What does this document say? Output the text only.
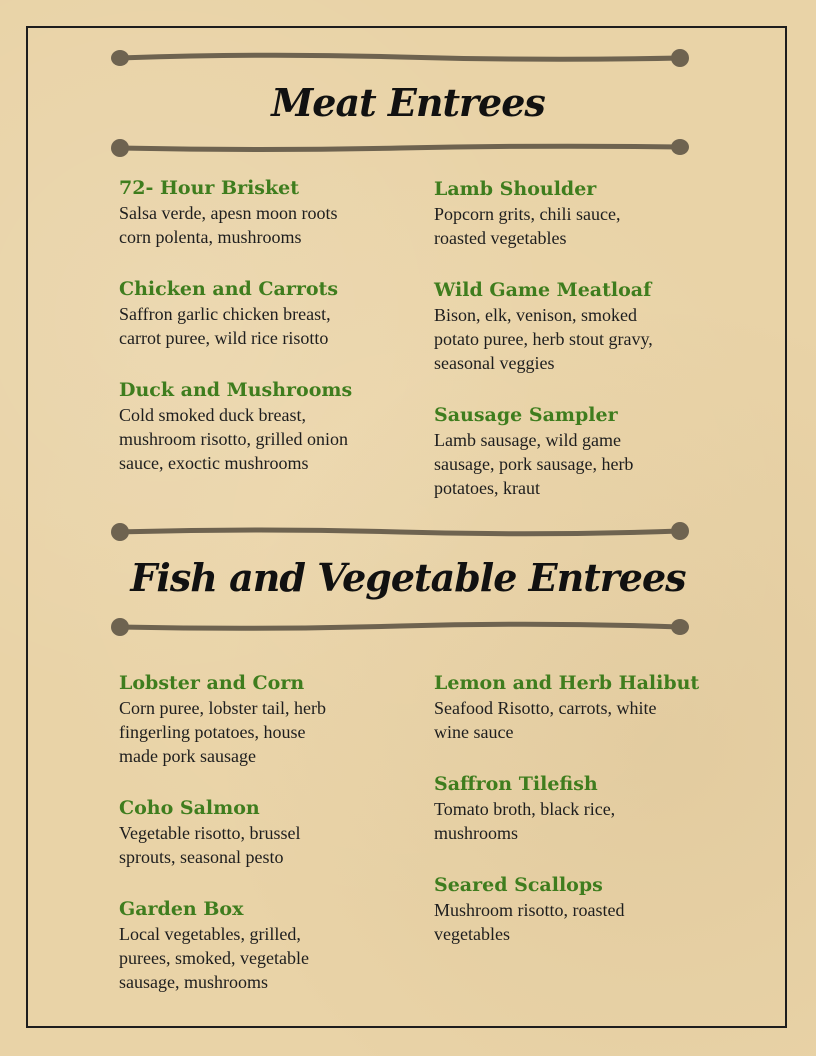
Meat Entrees
Fish and Vegetable Entrees
72- Hour Brisket
Salsa verde, apesn moon roots
corn polenta, mushrooms
Chicken and Carrots
Saffron garlic chicken breast,
carrot puree, wild rice risotto
Duck and Mushrooms
Cold smoked duck breast,
mushroom risotto, grilled onion
sauce, exoctic mushrooms
Lamb Shoulder
Popcorn grits, chili sauce,
roasted vegetables
Wild Game Meatloaf
Bison, elk, venison, smoked
potato puree, herb stout gravy,
seasonal veggies
Sausage Sampler
Lamb sausage, wild game
sausage, pork sausage, herb
potatoes, kraut
Lobster and Corn
Corn puree, lobster tail, herb
fingerling potatoes, house
made pork sausage
Coho Salmon
Vegetable risotto, brussel
sprouts, seasonal pesto
Garden Box
Local vegetables, grilled,
purees, smoked, vegetable
sausage, mushrooms
Lemon and Herb Halibut
Seafood Risotto, carrots, white
wine sauce
Saffron Tilefish
Tomato broth, black rice,
mushrooms
Seared Scallops
Mushroom risotto, roasted
vegetables
